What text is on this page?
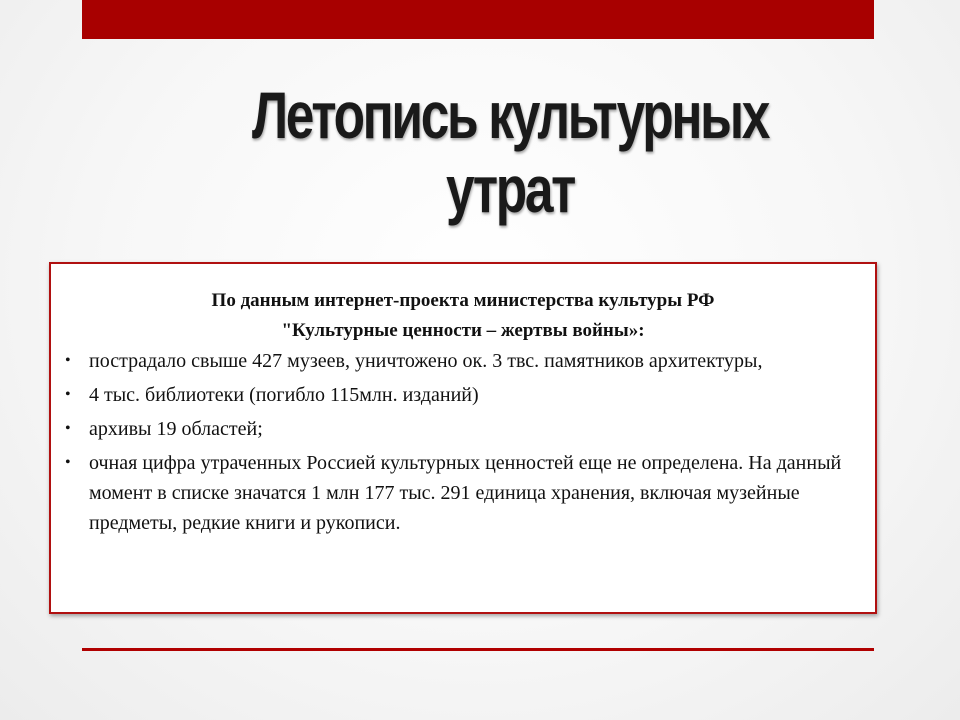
Летопись культурных
утрат
По данным интернет-проекта министерства культуры РФ
"Культурные ценности – жертвы войны»:
• пострадало свыше 427 музеев, уничтожено ок. 3 твс. памятников архитектуры,
• 4 тыс. библиотеки (погибло 115млн. изданий)
• архивы 19 областей;
• очная цифра утраченных Россией культурных ценностей еще не определена. На данный момент в списке значатся 1 млн 177 тыс. 291 единица хранения, включая музейные предметы, редкие книги и рукописи.
